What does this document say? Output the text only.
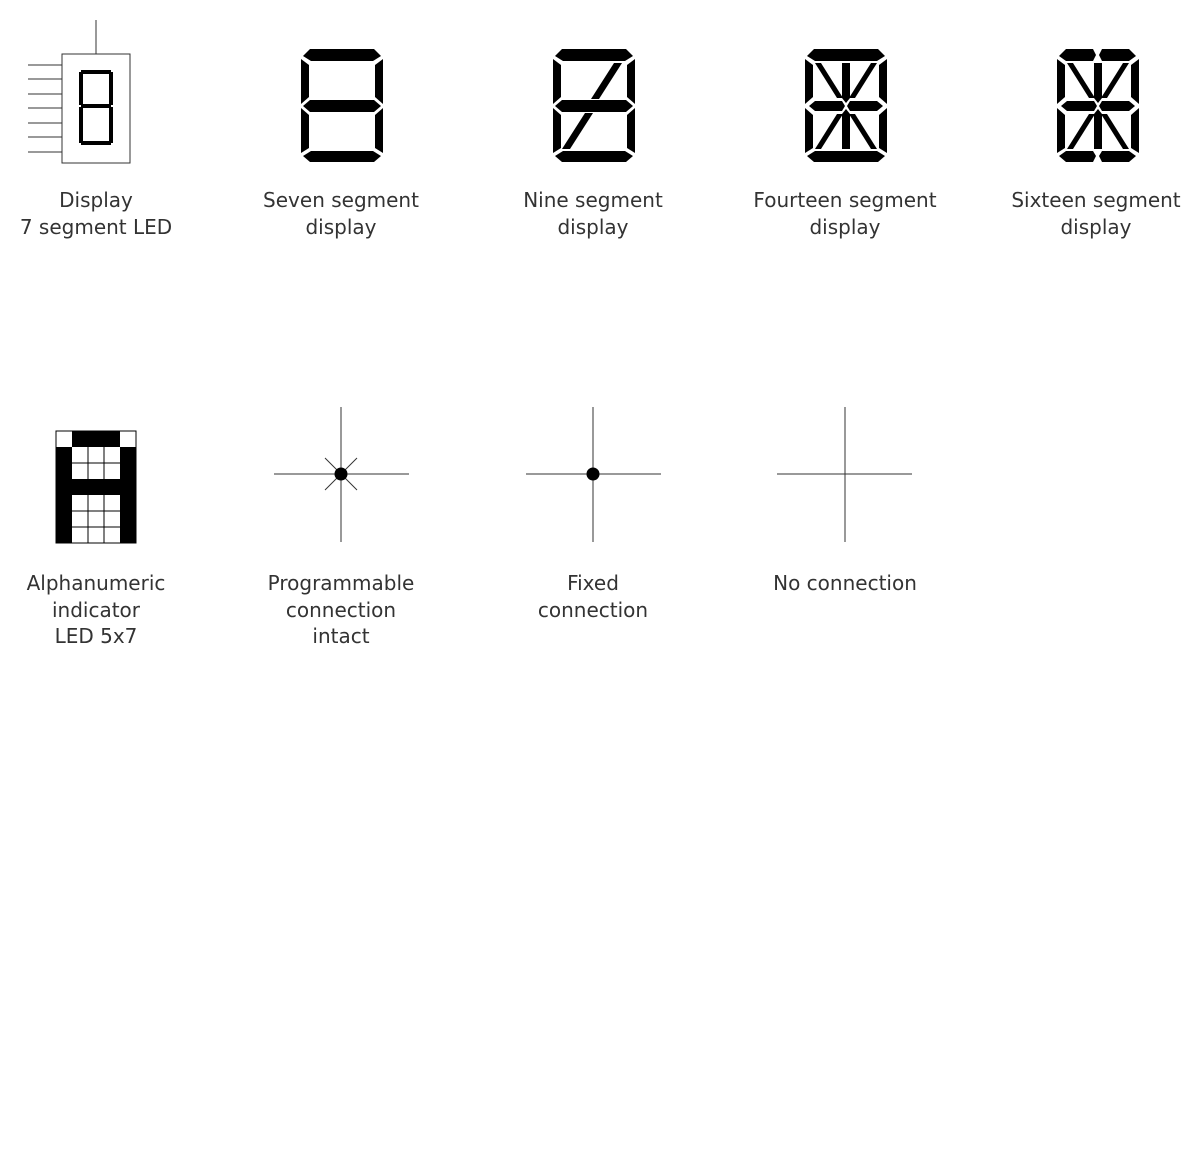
Display
7 segment LED
Seven segment
display
Nine segment
display
Fourteen segment
display
Sixteen segment
display
Alphanumeric
indicator
LED 5x7
Programmable
connection
intact
Fixed
connection
No connection
